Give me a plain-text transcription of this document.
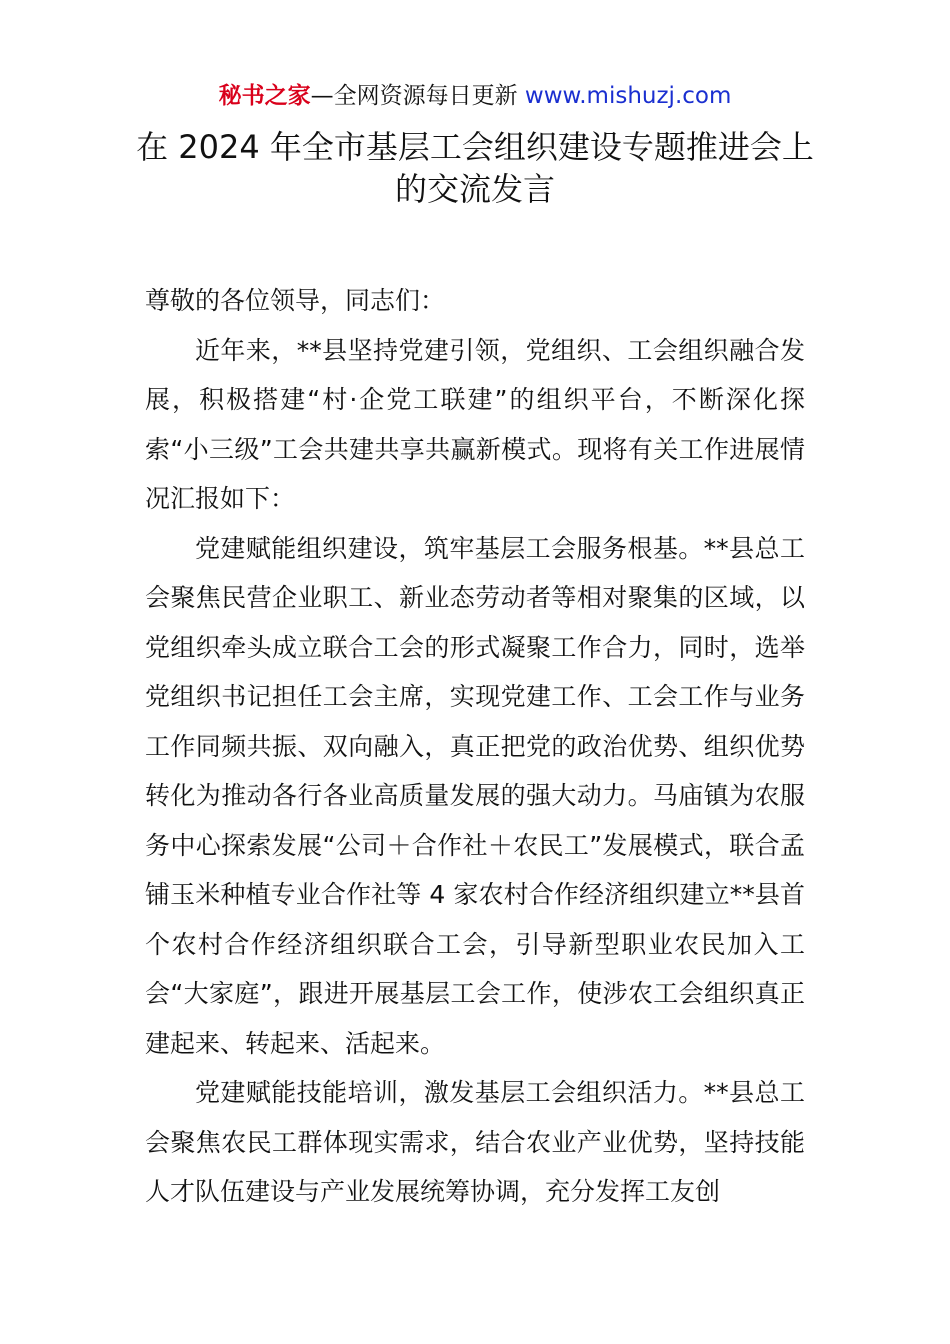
秘书之家—全网资源每日更新 www.mishuzj.com
在 2024 年全市基层工会组织建设专题推进会上
的交流发言

尊敬的各位领导，同志们：

近年来，**县坚持党建引领，党组织、工会组织融合发展，积极搭建“村·企党工联建”的组织平台，不断深化探索“小三级”工会共建共享共赢新模式。现将有关工作进展情况汇报如下：

党建赋能组织建设，筑牢基层工会服务根基。**县总工会聚焦民营企业职工、新业态劳动者等相对聚集的区域，以党组织牵头成立联合工会的形式凝聚工作合力，同时，选举党组织书记担任工会主席，实现党建工作、工会工作与业务工作同频共振、双向融入，真正把党的政治优势、组织优势转化为推动各行各业高质量发展的强大动力。马庙镇为农服务中心探索发展“公司＋合作社＋农民工”发展模式，联合孟铺玉米种植专业合作社等 4 家农村合作经济组织建立**县首个农村合作经济组织联合工会，引导新型职业农民加入工会“大家庭”，跟进开展基层工会工作，使涉农工会组织真正建起来、转起来、活起来。

党建赋能技能培训，激发基层工会组织活力。**县总工会聚焦农民工群体现实需求，结合农业产业优势，坚持技能人才队伍建设与产业发展统筹协调，充分发挥工友创
